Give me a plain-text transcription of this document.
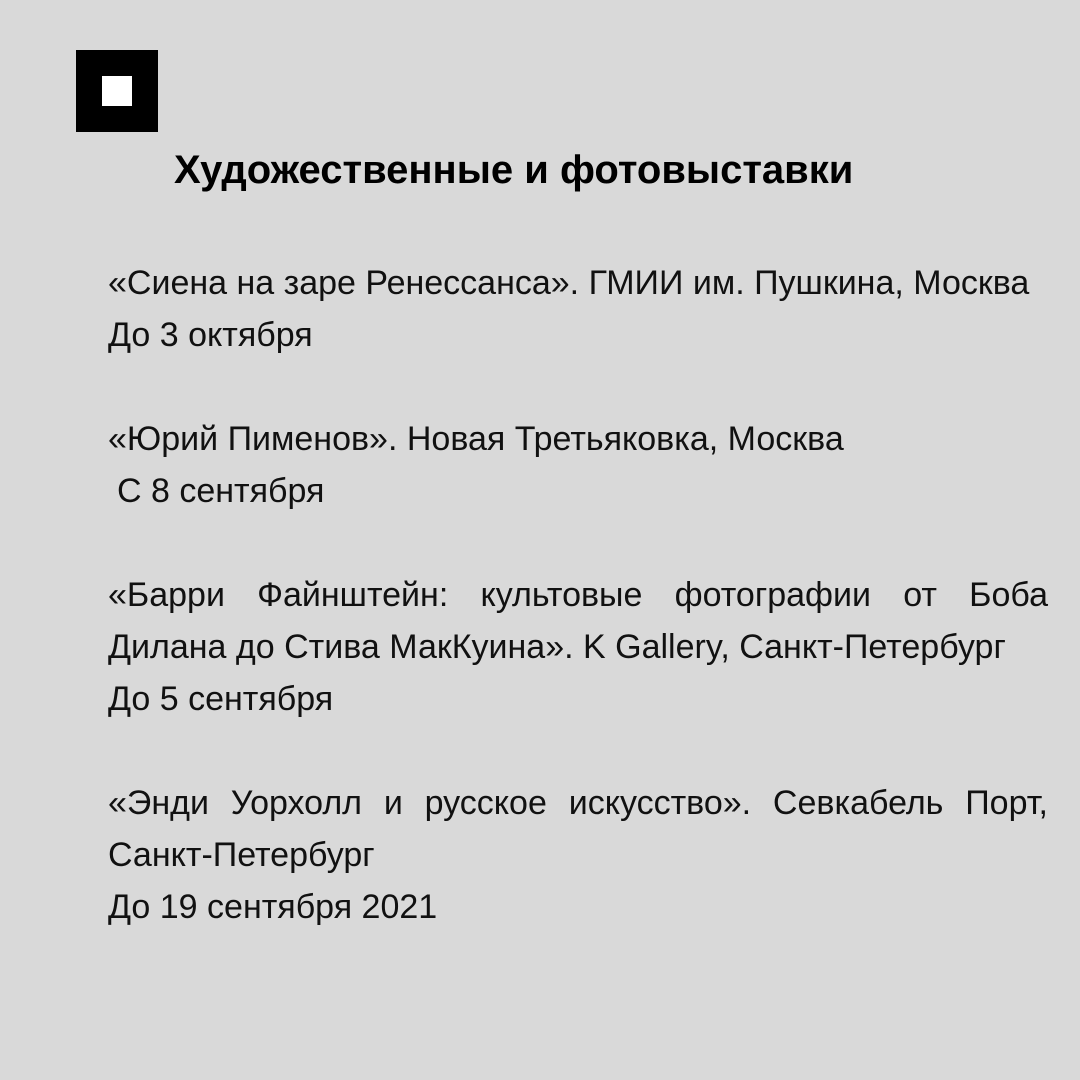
Художественные и фотовыставки

«Сиена на заре Ренессанса». ГМИИ им. Пушкина, Москва

До 3 октября

«Юрий Пименов». Новая Третьяковка, Москва

С 8 сентября

«Барри Файнштейн: культовые фотографии от Боба Дилана до Стива МакКуина». K Gallery, Санкт-Петербург

До 5 сентября

«Энди Уорхолл и русское искусство». Севкабель Порт, Санкт-Петербург

До 19 сентября 2021
